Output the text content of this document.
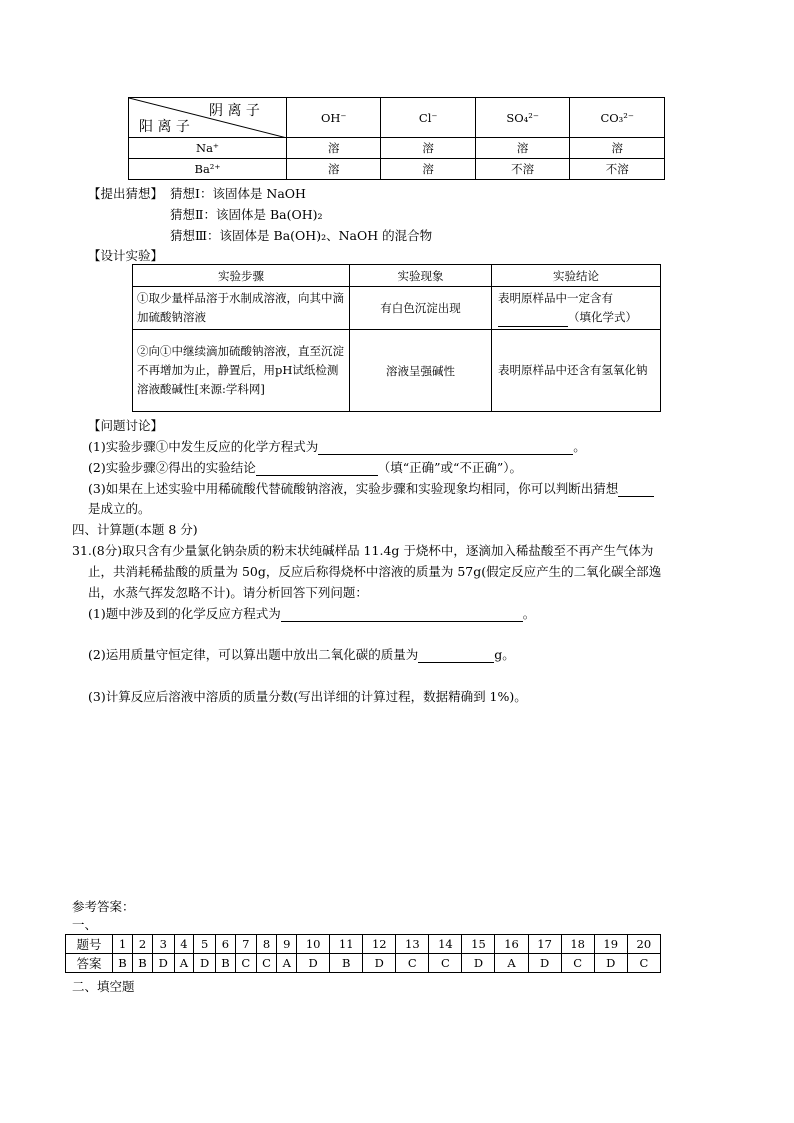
阴 离 子
阳 离 子	OH⁻	Cl⁻	SO₄²⁻	CO₃²⁻
Na⁺	溶	溶	溶	溶
Ba²⁺	溶	溶	不溶	不溶
【提出猜想】 猜想Ⅰ：该固体是 NaOH
猜想Ⅱ：该固体是 Ba(OH)₂
猜想Ⅲ：该固体是 Ba(OH)₂、NaOH 的混合物
【设计实验】
实验步骤	实验现象	实验结论
①取少量样品溶于水制成溶液，向其中滴加硫酸钠溶液	有白色沉淀出现	表明原样品中一定含有
（填化学式）
②向①中继续滴加硫酸钠溶液，直至沉淀不再增加为止，静置后，用pH试纸检测溶液酸碱性[来源:学科网]	溶液呈强碱性	表明原样品中还含有氢氧化钠
【问题讨论】
(1)实验步骤①中发生反应的化学方程式为	。
(2)实验步骤②得出的实验结论	（填“正确”或“不正确”）。
(3)如果在上述实验中用稀硫酸代替硫酸钠溶液，实验步骤和实验现象均相同，你可以判断出猜想
是成立的。
四、计算题(本题 8 分)
31.(8分)取只含有少量氯化钠杂质的粉末状纯碱样品 11.4g 于烧杯中，逐滴加入稀盐酸至不再产生气体为
止，共消耗稀盐酸的质量为 50g，反应后称得烧杯中溶液的质量为 57g(假定反应产生的二氧化碳全部逸
出，水蒸气挥发忽略不计)。请分析回答下列问题：
(1)题中涉及到的化学反应方程式为	。
(2)运用质量守恒定律，可以算出题中放出二氧化碳的质量为	g。
(3)计算反应后溶液中溶质的质量分数(写出详细的计算过程，数据精确到 1%)。
参考答案：
一、
题号	1	2	3	4	5	6	7	8	9	10	11	12	13	14	15	16	17	18	19	20
答案	B	B	D	A	D	B	C	C	A	D	B	D	C	C	D	A	D	C	D	C
二、填空题
